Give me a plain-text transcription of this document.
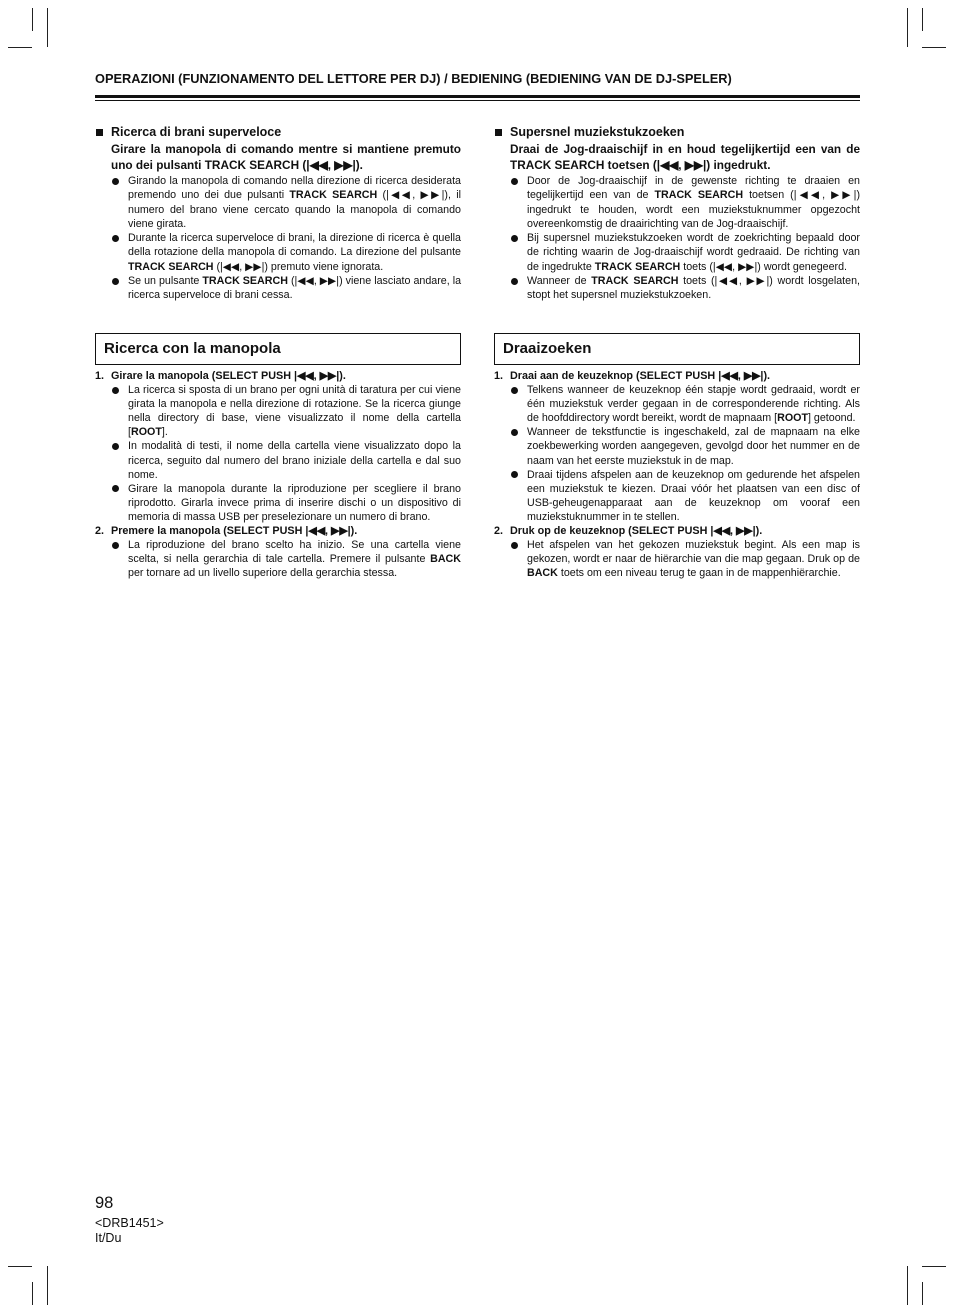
OPERAZIONI (FUNZIONAMENTO DEL LETTORE PER DJ) / BEDIENING (BEDIENING VAN DE DJ-SPELER)
Ricerca di brani superveloce

Girare la manopola di comando mentre si mantiene premuto uno dei pulsanti TRACK SEARCH (|◀◀, ▶▶|).

Girando la manopola di comando nella direzione di ricerca desiderata premendo uno dei due pulsanti TRACK SEARCH (|◀◀, ▶▶|), il numero del brano viene cercato quando la manopola di comando viene girata.

Durante la ricerca superveloce di brani, la direzione di ricerca è quella della rotazione della manopola di comando. La direzione del pulsante TRACK SEARCH (|◀◀, ▶▶|) premuto viene ignorata.

Se un pulsante TRACK SEARCH (|◀◀, ▶▶|) viene lasciato andare, la ricerca superveloce di brani cessa.

Ricerca con la manopola

1. Girare la manopola (SELECT PUSH |◀◀, ▶▶|).

La ricerca si sposta di un brano per ogni unità di taratura per cui viene girata la manopola e nella direzione di rotazione. Se la ricerca giunge nella directory di base, viene visualizzato il nome della cartella [ROOT].

In modalità di testi, il nome della cartella viene visualizzato dopo la ricerca, seguito dal numero del brano iniziale della cartella e dal suo nome.

Girare la manopola durante la riproduzione per scegliere il brano riprodotto. Girarla invece prima di inserire dischi o un dispositivo di memoria di massa USB per preselezionare un numero di brano.

2. Premere la manopola (SELECT PUSH |◀◀, ▶▶|).

La riproduzione del brano scelto ha inizio. Se una cartella viene scelta, si nella gerarchia di tale cartella. Premere il pulsante BACK per tornare ad un livello superiore della gerarchia stessa.

Supersnel muziekstukzoeken

Draai de Jog-draaischijf in en houd tegelijkertijd een van de TRACK SEARCH toetsen (|◀◀, ▶▶|) ingedrukt.

Door de Jog-draaischijf in de gewenste richting te draaien en tegelijkertijd een van de TRACK SEARCH toetsen (|◀◀, ▶▶|) ingedrukt te houden, wordt een muziekstuknummer opgezocht overeenkomstig de draairichting van de Jog-draaischijf.

Bij supersnel muziekstukzoeken wordt de zoekrichting bepaald door de richting waarin de Jog-draaischijf wordt gedraaid. De richting van de ingedrukte TRACK SEARCH toets (|◀◀, ▶▶|) wordt genegeerd.

Wanneer de TRACK SEARCH toets (|◀◀, ▶▶|) wordt losgelaten, stopt het supersnel muziekstukzoeken.

Draaizoeken

1. Draai aan de keuzeknop (SELECT PUSH |◀◀, ▶▶|).

Telkens wanneer de keuzeknop één stapje wordt gedraaid, wordt er één muziekstuk verder gegaan in de corresponderende richting. Als de hoofddirectory wordt bereikt, wordt de mapnaam [ROOT] getoond.

Wanneer de tekstfunctie is ingeschakeld, zal de mapnaam na elke zoekbewerking worden aangegeven, gevolgd door het nummer en de naam van het eerste muziekstuk in de map.

Draai tijdens afspelen aan de keuzeknop om gedurende het afspelen een muziekstuk te kiezen. Draai vóór het plaatsen van een disc of USB-geheugenapparaat aan de keuzeknop om vooraf een muziekstuknummer in te stellen.

2. Druk op de keuzeknop (SELECT PUSH |◀◀, ▶▶|).

Het afspelen van het gekozen muziekstuk begint. Als een map is gekozen, wordt er naar de hiërarchie van die map gegaan. Druk op de BACK toets om een niveau terug te gaan in de mappenhiërarchie.

98
<DRB1451>
It/Du
